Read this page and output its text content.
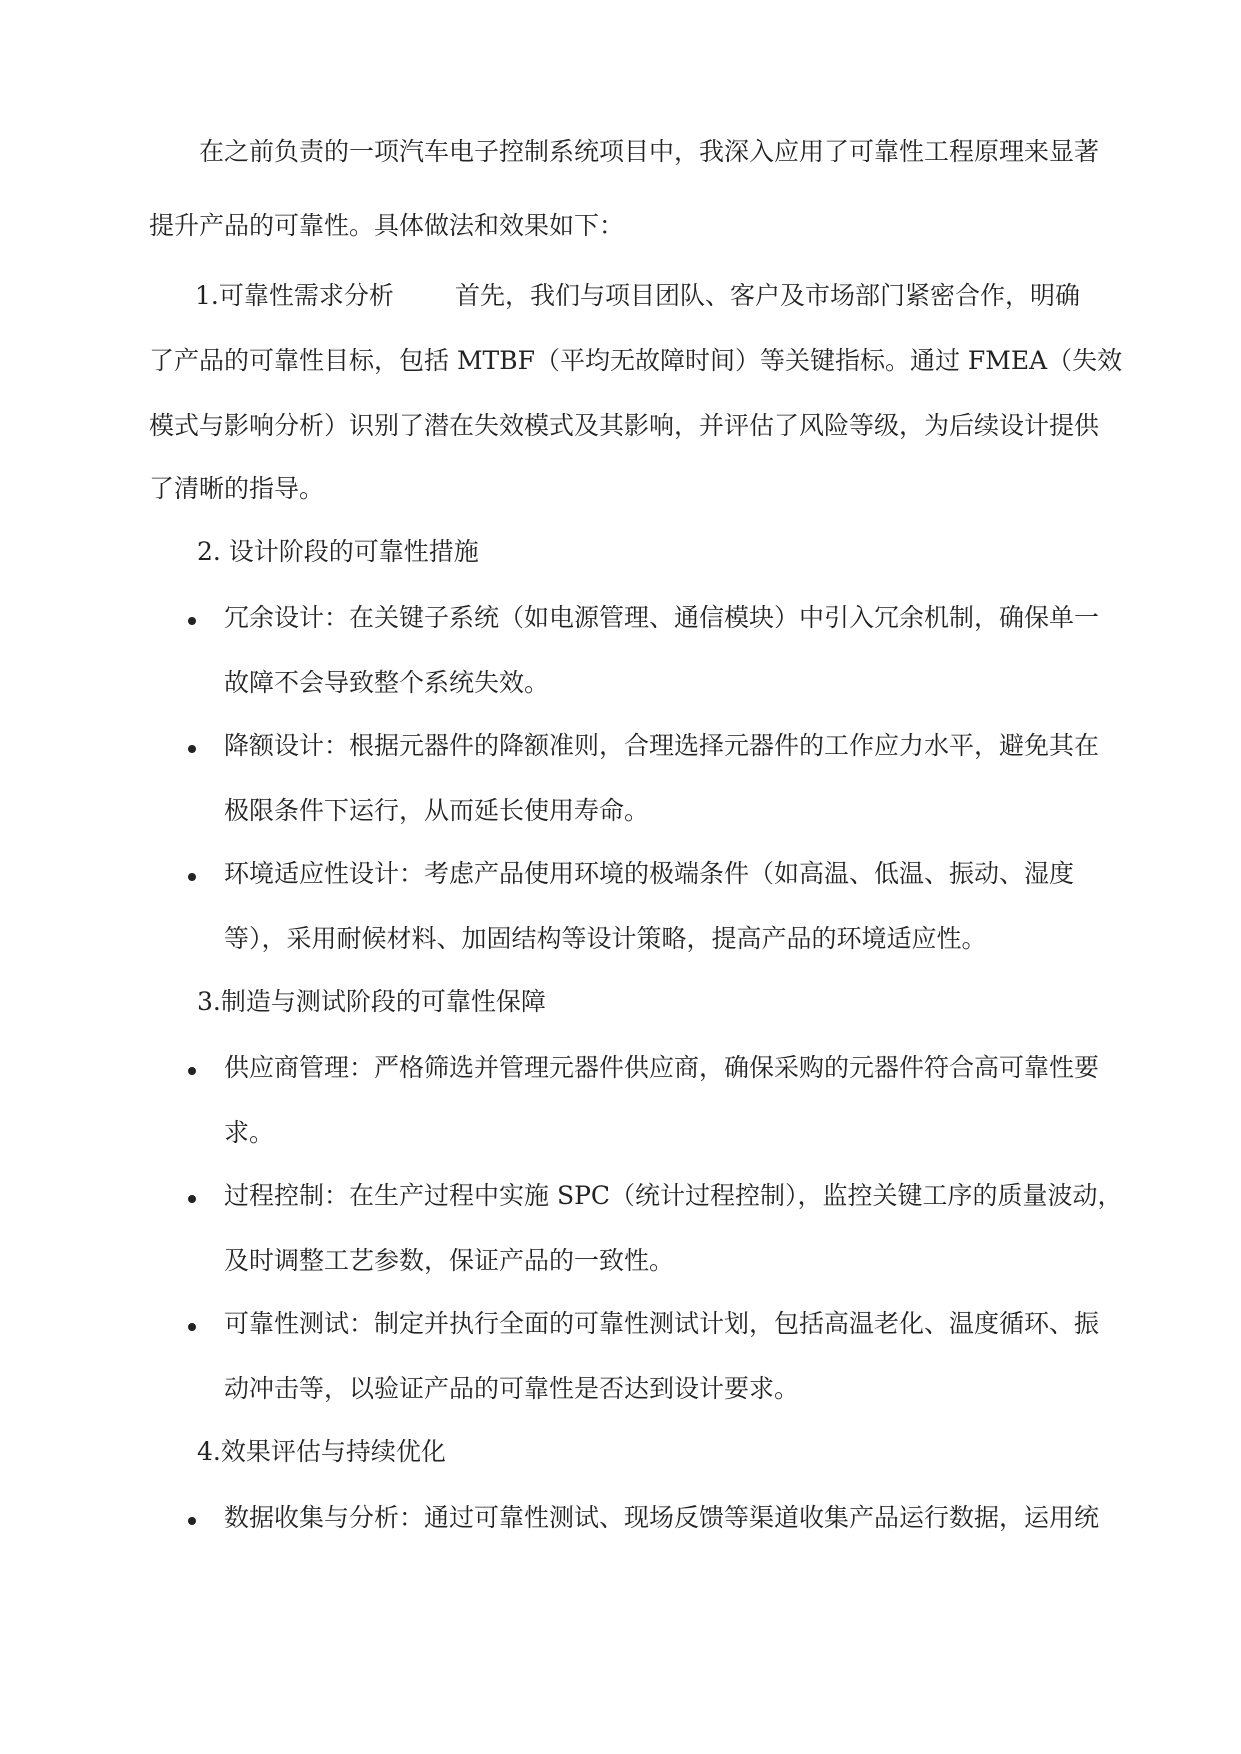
在之前负责的一项汽车电子控制系统项目中，我深入应用了可靠性工程原理来显著
提升产品的可靠性。具体做法和效果如下：
1.可靠性需求分析 首先，我们与项目团队、客户及市场部门紧密合作，明确
了产品的可靠性目标，包括 MTBF（平均无故障时间）等关键指标。通过 FMEA（失效
模式与影响分析）识别了潜在失效模式及其影响，并评估了风险等级，为后续设计提供
了清晰的指导。
2. 设计阶段的可靠性措施
冗余设计：在关键子系统（如电源管理、通信模块）中引入冗余机制，确保单一
故障不会导致整个系统失效。
降额设计：根据元器件的降额准则，合理选择元器件的工作应力水平，避免其在
极限条件下运行，从而延长使用寿命。
环境适应性设计：考虑产品使用环境的极端条件（如高温、低温、振动、湿度
等），采用耐候材料、加固结构等设计策略，提高产品的环境适应性。
3.制造与测试阶段的可靠性保障
供应商管理：严格筛选并管理元器件供应商，确保采购的元器件符合高可靠性要
求。
过程控制：在生产过程中实施 SPC（统计过程控制），监控关键工序的质量波动，
及时调整工艺参数，保证产品的一致性。
可靠性测试：制定并执行全面的可靠性测试计划，包括高温老化、温度循环、振
动冲击等，以验证产品的可靠性是否达到设计要求。
4.效果评估与持续优化
数据收集与分析：通过可靠性测试、现场反馈等渠道收集产品运行数据，运用统
